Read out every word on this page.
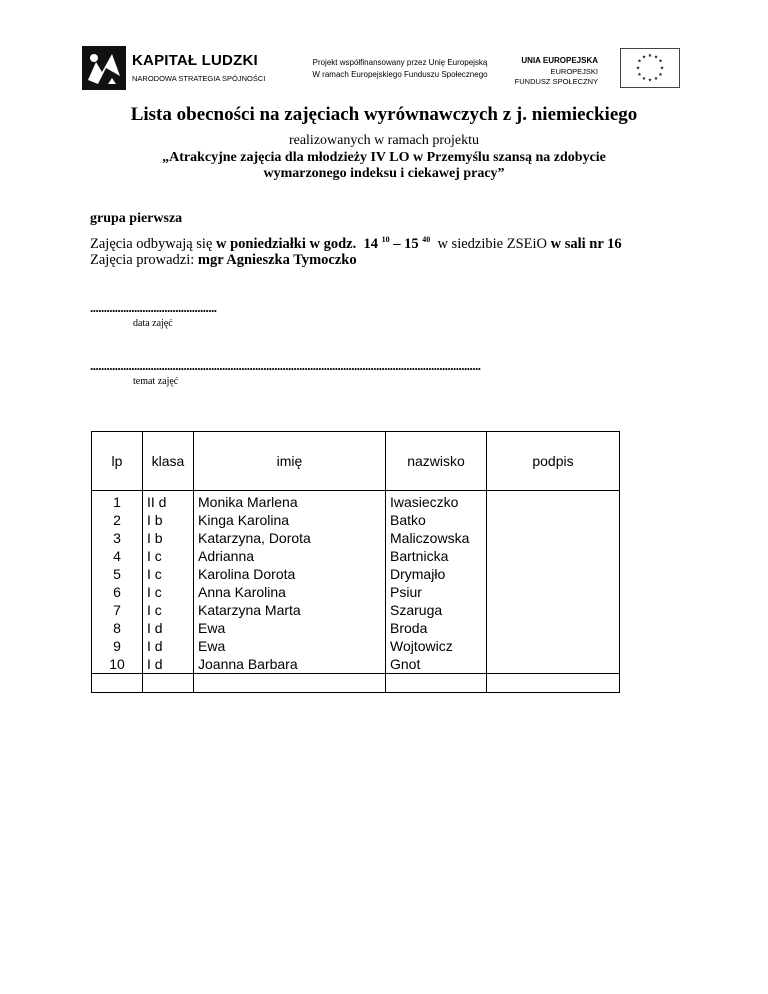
KAPITAŁ LUDZKI
NARODOWA STRATEGIA SPÓJNOŚCI
Projekt współfinansowany przez Unię Europejską
W ramach Europejskiego Funduszu Społecznego
UNIA EUROPEJSKA
EUROPEJSKI
FUNDUSZ SPOŁECZNY
★ ★
★
★
★
★
★
★
★
★
★
★
Lista obecności na zajęciach wyrównawczych z j. niemieckiego
realizowanych w ramach projektu
„Atrakcyjne zajęcia dla młodzieży IV LO w Przemyślu szansą na zdobycie
wymarzonego indeksu i ciekawej pracy”
grupa pierwsza
Zajęcia odbywają się w poniedziałki w godz. 14 $^{10}$ – 15 $^{40}$ w siedzibie ZSEiO w sali nr 16
Zajęcia prowadzi: mgr Agnieszka Tymoczko
..............................................
data zajęć
..............................................................................................................................................
temat zajęć
lp	klasa	imię	nazwisko	podpis
1	II d	Monika Marlena	Iwasieczko	
2	I b	Kinga Karolina	Batko	
3	I b	Katarzyna, Dorota	Maliczowska	
4	I c	Adrianna	Bartnicka	
5	I c	Karolina Dorota	Drymajło	
6	I c	Anna Karolina	Psiur	
7	I c	Katarzyna Marta	Szaruga	
8	I d	Ewa	Broda	
9	I d	Ewa	Wojtowicz	
10	I d	Joanna Barbara	Gnot	
